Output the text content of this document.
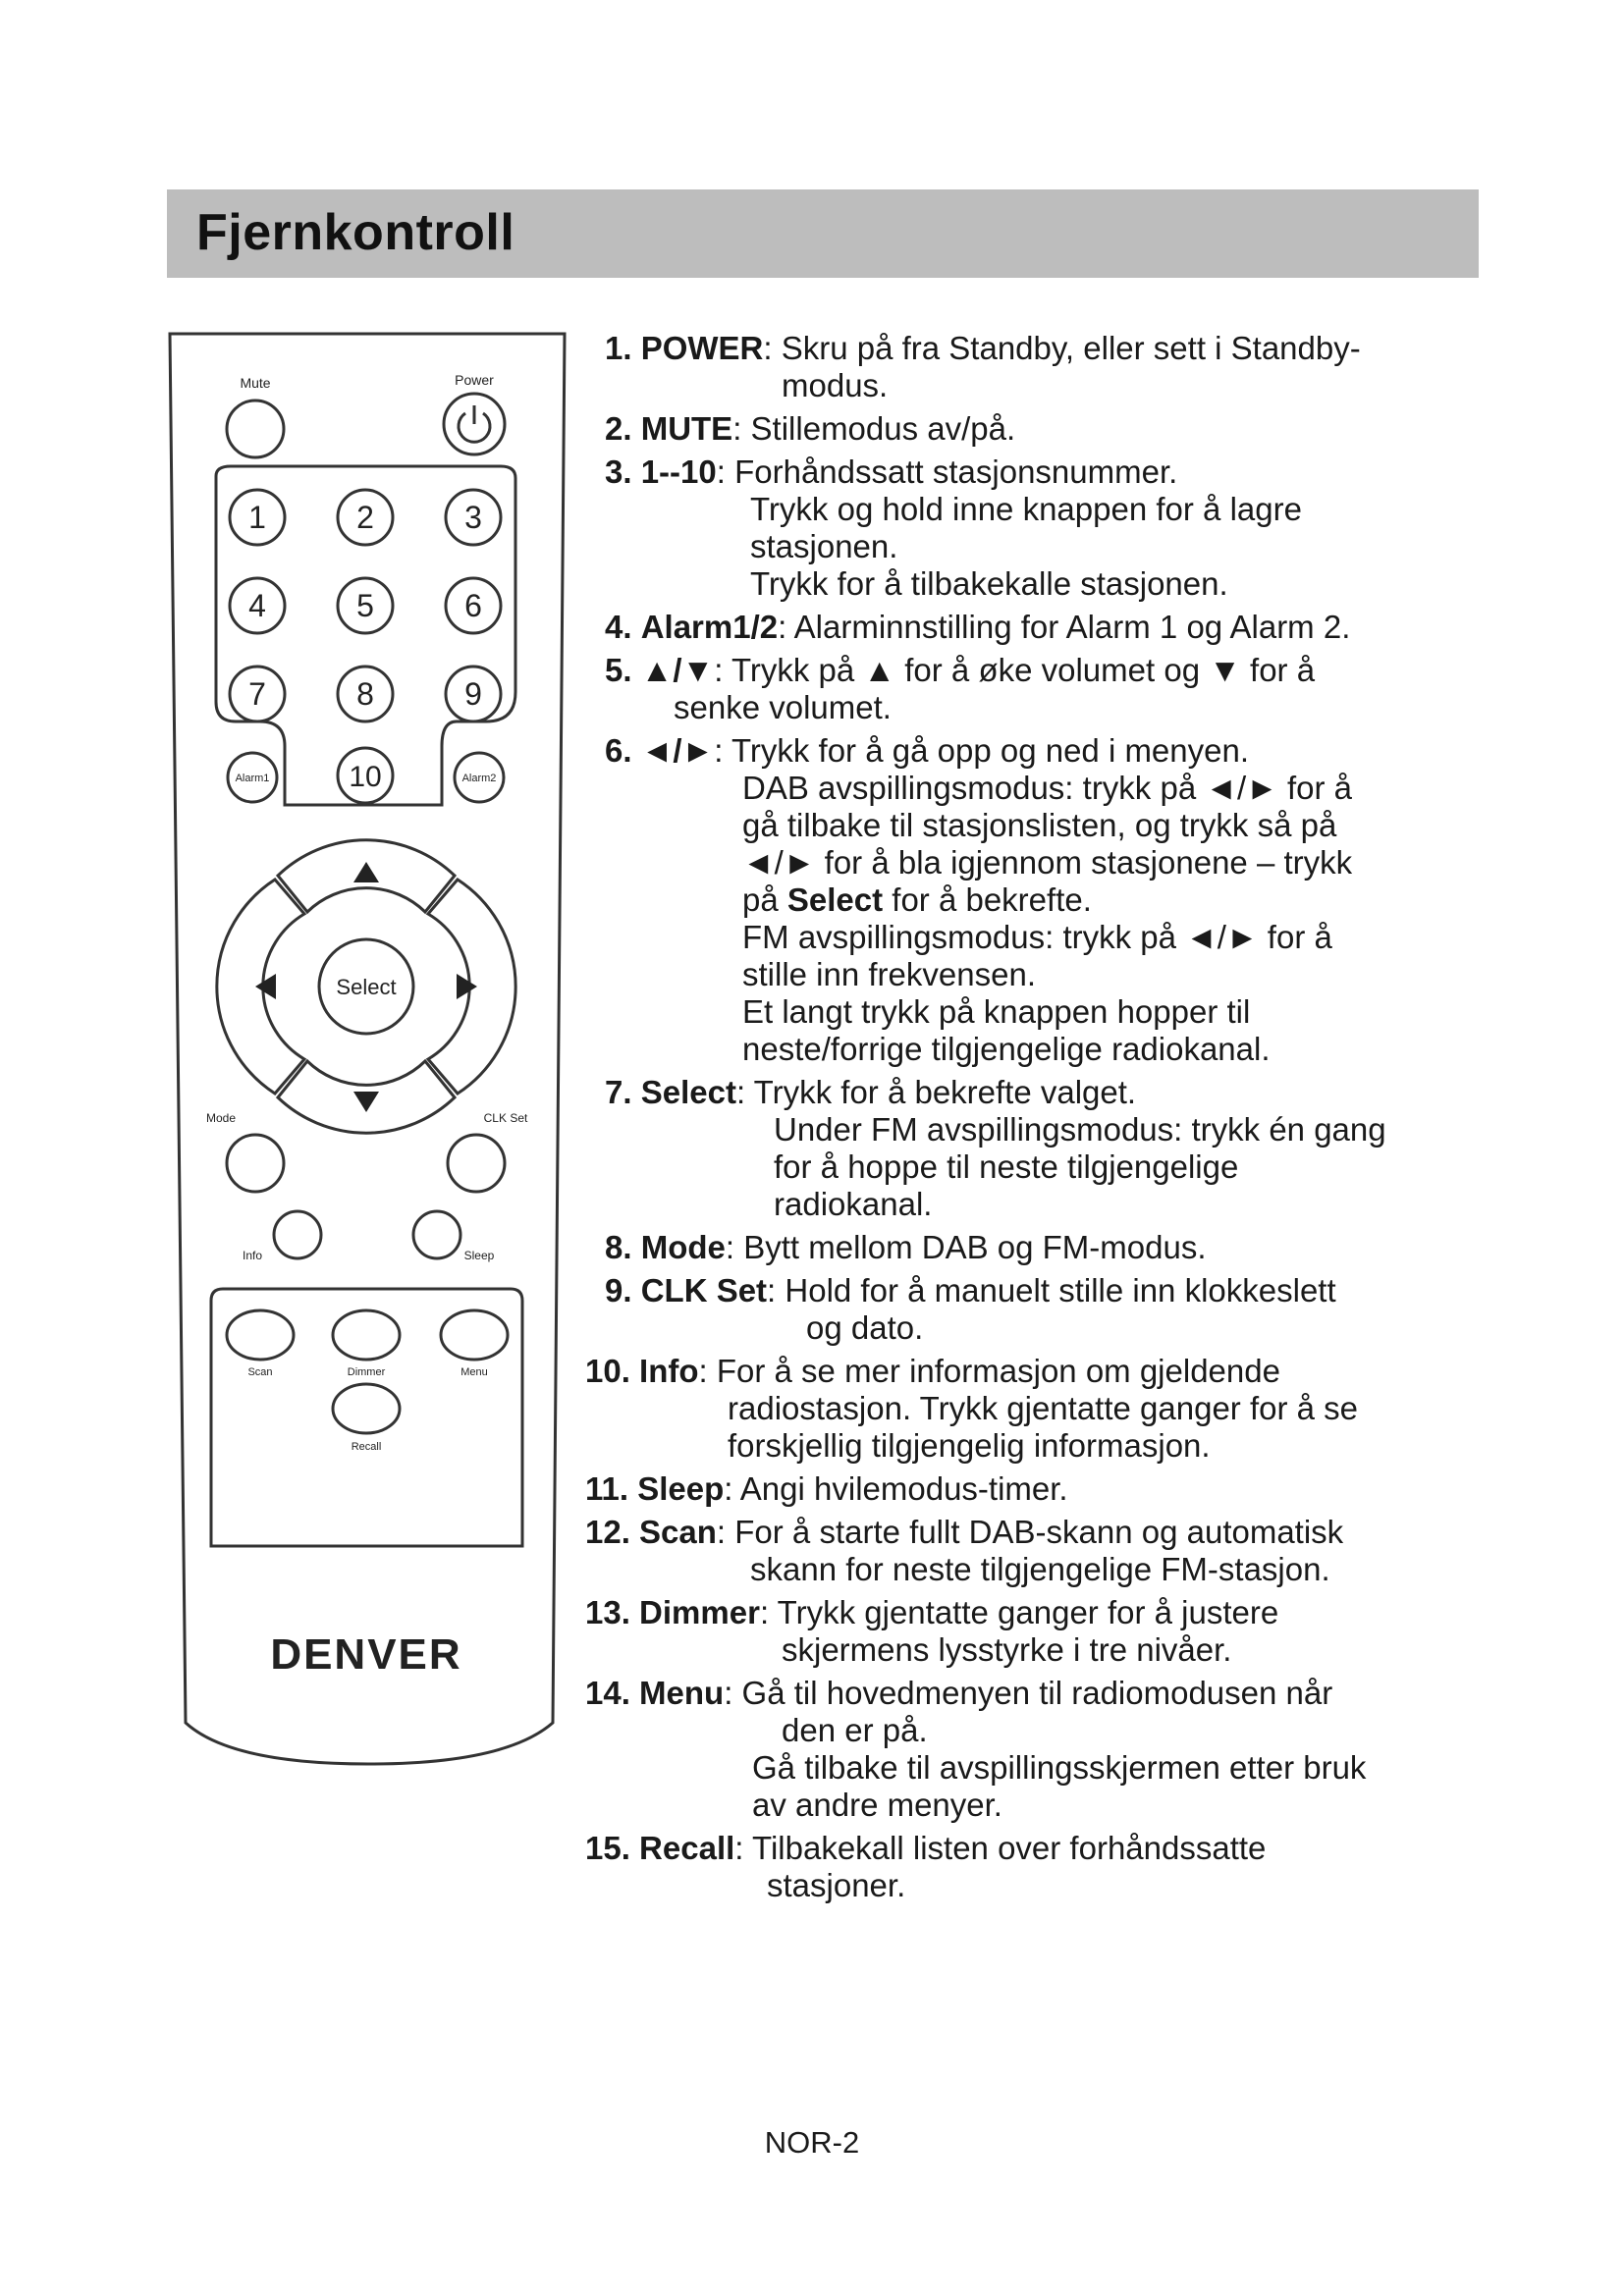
Fjernkontroll
Mute	Power
1	2	3
4	5	6
7	8	9
10
Alarm1	Alarm2
Select
Mode	CLK Set
Info	Sleep
Scan	Dimmer	Menu
Recall
DENVER
1. POWER: Skru på fra Standby, eller sett i Standby-
modus.
2. MUTE: Stillemodus av/på.
3. 1--10: Forhåndssatt stasjonsnummer.
Trykk og hold inne knappen for å lagre
stasjonen.
Trykk for å tilbakekalle stasjonen.
4. Alarm1/2: Alarminnstilling for Alarm 1 og Alarm 2.
5. ▲/▼: Trykk på ▲ for å øke volumet og ▼ for å
senke volumet.
6. ◄/►: Trykk for å gå opp og ned i menyen.
DAB avspillingsmodus: trykk på ◄/► for å
gå tilbake til stasjonslisten, og trykk så på
◄/► for å bla igjennom stasjonene – trykk
på Select for å bekrefte.
FM avspillingsmodus: trykk på ◄/► for å
stille inn frekvensen.
Et langt trykk på knappen hopper til
neste/forrige tilgjengelige radiokanal.
7. Select: Trykk for å bekrefte valget.
Under FM avspillingsmodus: trykk én gang
for å hoppe til neste tilgjengelige
radiokanal.
8. Mode: Bytt mellom DAB og FM-modus.
9. CLK Set: Hold for å manuelt stille inn klokkeslett
og dato.
10. Info: For å se mer informasjon om gjeldende
radiostasjon. Trykk gjentatte ganger for å se
forskjellig tilgjengelig informasjon.
11. Sleep: Angi hvilemodus-timer.
12. Scan: For å starte fullt DAB-skann og automatisk
skann for neste tilgjengelige FM-stasjon.
13. Dimmer: Trykk gjentatte ganger for å justere
skjermens lysstyrke i tre nivåer.
14. Menu: Gå til hovedmenyen til radiomodusen når
den er på.
Gå tilbake til avspillingsskjermen etter bruk
av andre menyer.
15. Recall: Tilbakekall listen over forhåndssatte
stasjoner.
NOR-2
